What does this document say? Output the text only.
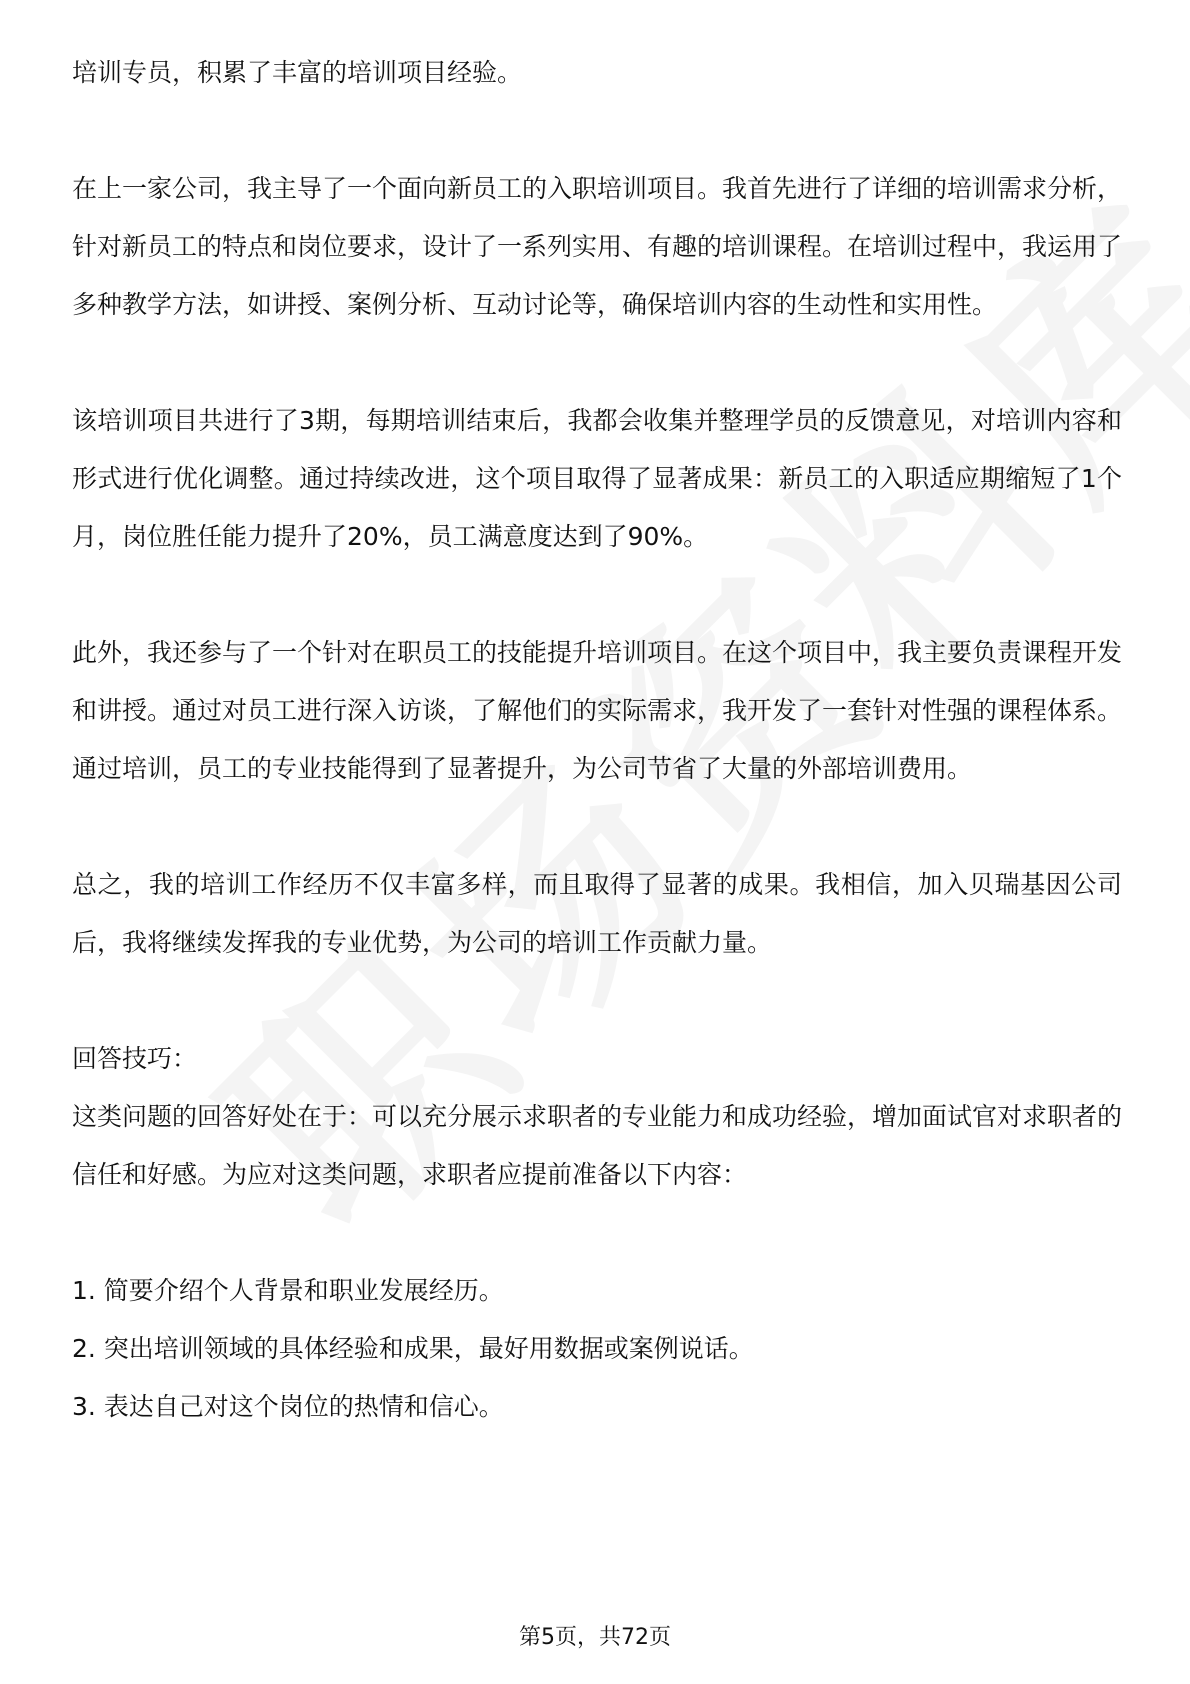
培训专员，积累了丰富的培训项目经验。

在上一家公司，我主导了一个面向新员工的入职培训项目。我首先进行了详细的培训需求分析，针对新员工的特点和岗位要求，设计了一系列实用、有趣的培训课程。在培训过程中，我运用了多种教学方法，如讲授、案例分析、互动讨论等，确保培训内容的生动性和实用性。

该培训项目共进行了3期，每期培训结束后，我都会收集并整理学员的反馈意见，对培训内容和形式进行优化调整。通过持续改进，这个项目取得了显著成果：新员工的入职适应期缩短了1个月，岗位胜任能力提升了20%，员工满意度达到了90%。

此外，我还参与了一个针对在职员工的技能提升培训项目。在这个项目中，我主要负责课程开发和讲授。通过对员工进行深入访谈，了解他们的实际需求，我开发了一套针对性强的课程体系。通过培训，员工的专业技能得到了显著提升，为公司节省了大量的外部培训费用。

总之，我的培训工作经历不仅丰富多样，而且取得了显著的成果。我相信，加入贝瑞基因公司后，我将继续发挥我的专业优势，为公司的培训工作贡献力量。

回答技巧：

这类问题的回答好处在于：可以充分展示求职者的专业能力和成功经验，增加面试官对求职者的信任和好感。为应对这类问题，求职者应提前准备以下内容：

1. 简要介绍个人背景和职业发展经历。

2. 突出培训领域的具体经验和成果，最好用数据或案例说话。

3. 表达自己对这个岗位的热情和信心。

第5页，共72页
